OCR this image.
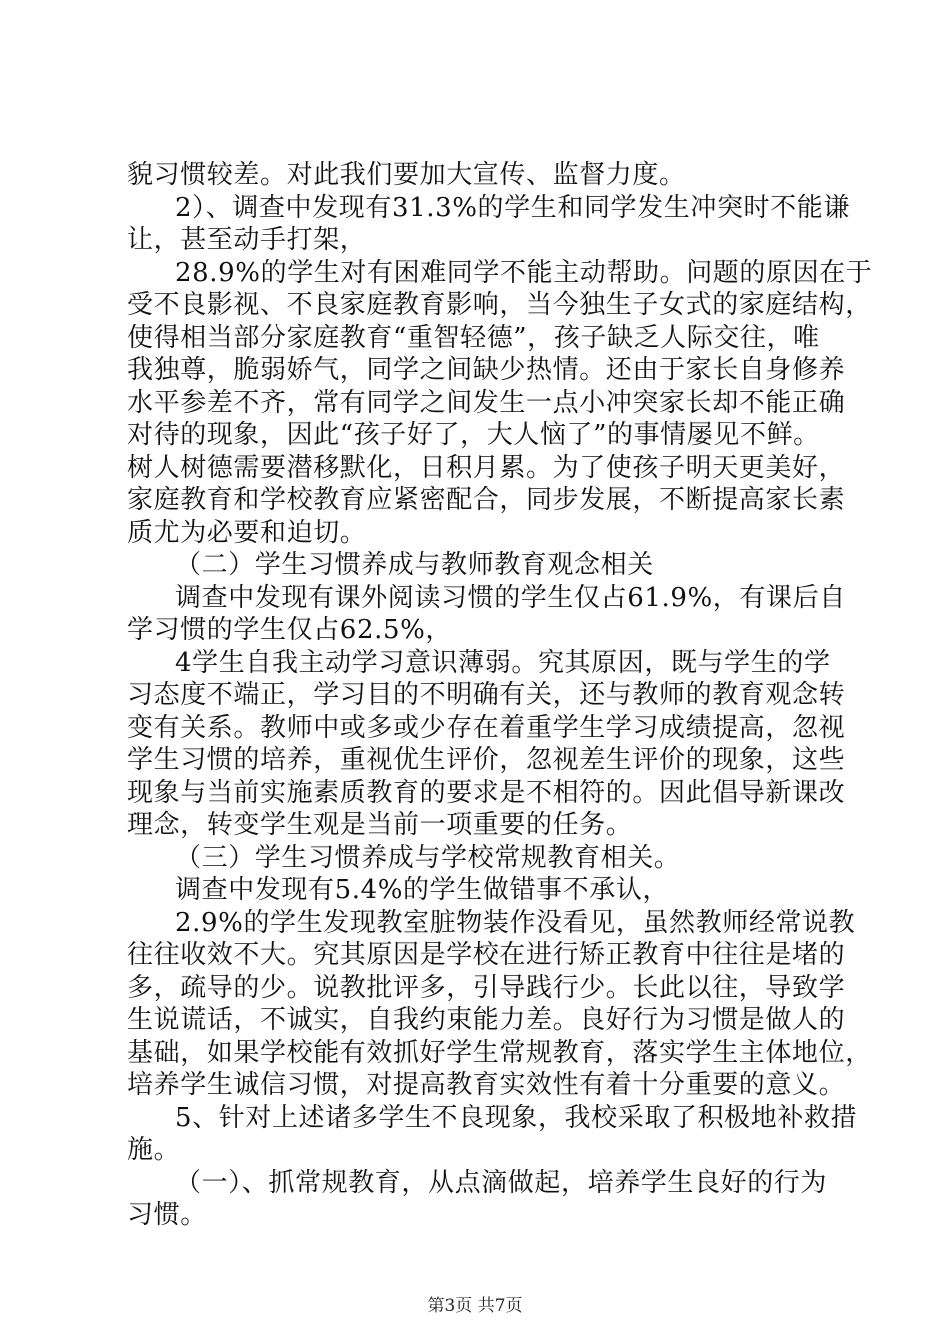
貌习惯较差。对此我们要加大宣传、监督力度。
2）、调查中发现有31.3%的学生和同学发生冲突时不能谦
让，甚至动手打架，
28.9%的学生对有困难同学不能主动帮助。问题的原因在于
受不良影视、不良家庭教育影响，当今独生子女式的家庭结构，
使得相当部分家庭教育“重智轻德”，孩子缺乏人际交往，唯
我独尊，脆弱娇气，同学之间缺少热情。还由于家长自身修养
水平参差不齐，常有同学之间发生一点小冲突家长却不能正确
对待的现象，因此“孩子好了，大人恼了”的事情屡见不鲜。
树人树德需要潜移默化，日积月累。为了使孩子明天更美好，
家庭教育和学校教育应紧密配合，同步发展，不断提高家长素
质尤为必要和迫切。
（二）学生习惯养成与教师教育观念相关
调查中发现有课外阅读习惯的学生仅占61.9%，有课后自
学习惯的学生仅占62.5%，
4学生自我主动学习意识薄弱。究其原因，既与学生的学
习态度不端正，学习目的不明确有关，还与教师的教育观念转
变有关系。教师中或多或少存在着重学生学习成绩提高，忽视
学生习惯的培养，重视优生评价，忽视差生评价的现象，这些
现象与当前实施素质教育的要求是不相符的。因此倡导新课改
理念，转变学生观是当前一项重要的任务。
（三）学生习惯养成与学校常规教育相关。
调查中发现有5.4%的学生做错事不承认，
2.9%的学生发现教室脏物装作没看见，虽然教师经常说教
往往收效不大。究其原因是学校在进行矫正教育中往往是堵的
多，疏导的少。说教批评多，引导践行少。长此以往，导致学
生说谎话，不诚实，自我约束能力差。良好行为习惯是做人的
基础，如果学校能有效抓好学生常规教育，落实学生主体地位，
培养学生诚信习惯，对提高教育实效性有着十分重要的意义。
5、针对上述诸多学生不良现象，我校采取了积极地补救措
施。
（一）、抓常规教育，从点滴做起，培养学生良好的行为
习惯。
第3页 共7页
